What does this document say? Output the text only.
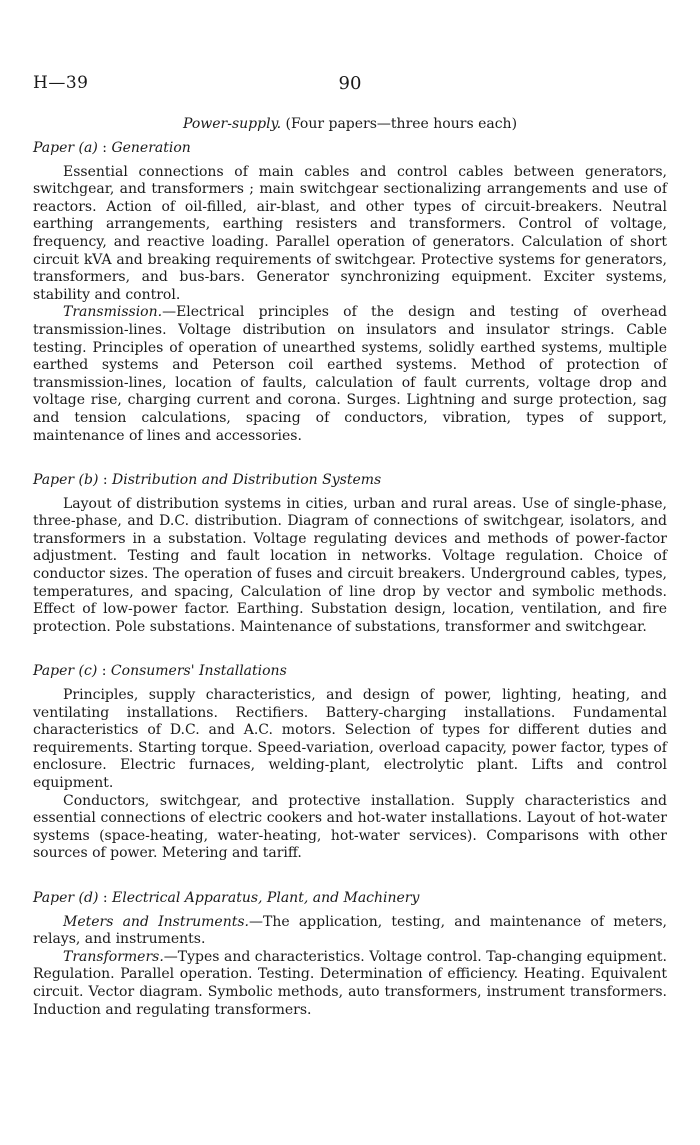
H—39	90
Power-supply. (Four papers—three hours each)
Paper (a) : Generation

Essential connections of main cables and control cables between generators, switchgear, and transformers ; main switchgear sectionalizing arrangements and use of reactors. Action of oil-filled, air-blast, and other types of circuit-breakers. Neutral earthing arrangements, earthing resisters and transformers. Control of voltage, frequency, and reactive loading. Parallel operation of generators. Calculation of short circuit kVA and breaking requirements of switchgear. Protective systems for generators, transformers, and bus-bars. Generator synchronizing equipment. Exciter systems, stability and control.

Transmission.—Electrical principles of the design and testing of overhead transmission-lines. Voltage distribution on insulators and insulator strings. Cable testing. Principles of operation of unearthed systems, solidly earthed systems, multiple earthed systems and Peterson coil earthed systems. Method of protection of transmission-lines, location of faults, calculation of fault currents, voltage drop and voltage rise, charging current and corona. Surges. Lightning and surge protection, sag and tension calculations, spacing of conductors, vibration, types of support, maintenance of lines and accessories.

Paper (b) : Distribution and Distribution Systems

Layout of distribution systems in cities, urban and rural areas. Use of single-phase, three-phase, and D.C. distribution. Diagram of connections of switchgear, isolators, and transformers in a substation. Voltage regulating devices and methods of power-factor adjustment. Testing and fault location in networks. Voltage regulation. Choice of conductor sizes. The operation of fuses and circuit breakers. Underground cables, types, temperatures, and spacing, Calculation of line drop by vector and symbolic methods. Effect of low-power factor. Earthing. Substation design, location, ventilation, and fire protection. Pole substations. Maintenance of substations, transformer and switchgear.

Paper (c) : Consumers' Installations

Principles, supply characteristics, and design of power, lighting, heating, and ventilating installations. Rectifiers. Battery-charging installations. Fundamental characteristics of D.C. and A.C. motors. Selection of types for different duties and requirements. Starting torque. Speed-variation, overload capacity, power factor, types of enclosure. Electric furnaces, welding-plant, electrolytic plant. Lifts and control equipment.

Conductors, switchgear, and protective installation. Supply characteristics and essential connections of electric cookers and hot-water installations. Layout of hot-water systems (space-heating, water-heating, hot-water services). Comparisons with other sources of power. Metering and tariff.

Paper (d) : Electrical Apparatus, Plant, and Machinery

Meters and Instruments.—The application, testing, and maintenance of meters, relays, and instruments.

Transformers.—Types and characteristics. Voltage control. Tap-changing equipment. Regulation. Parallel operation. Testing. Determination of efficiency. Heating. Equivalent circuit. Vector diagram. Symbolic methods, auto transformers, instrument transformers. Induction and regulating transformers.
